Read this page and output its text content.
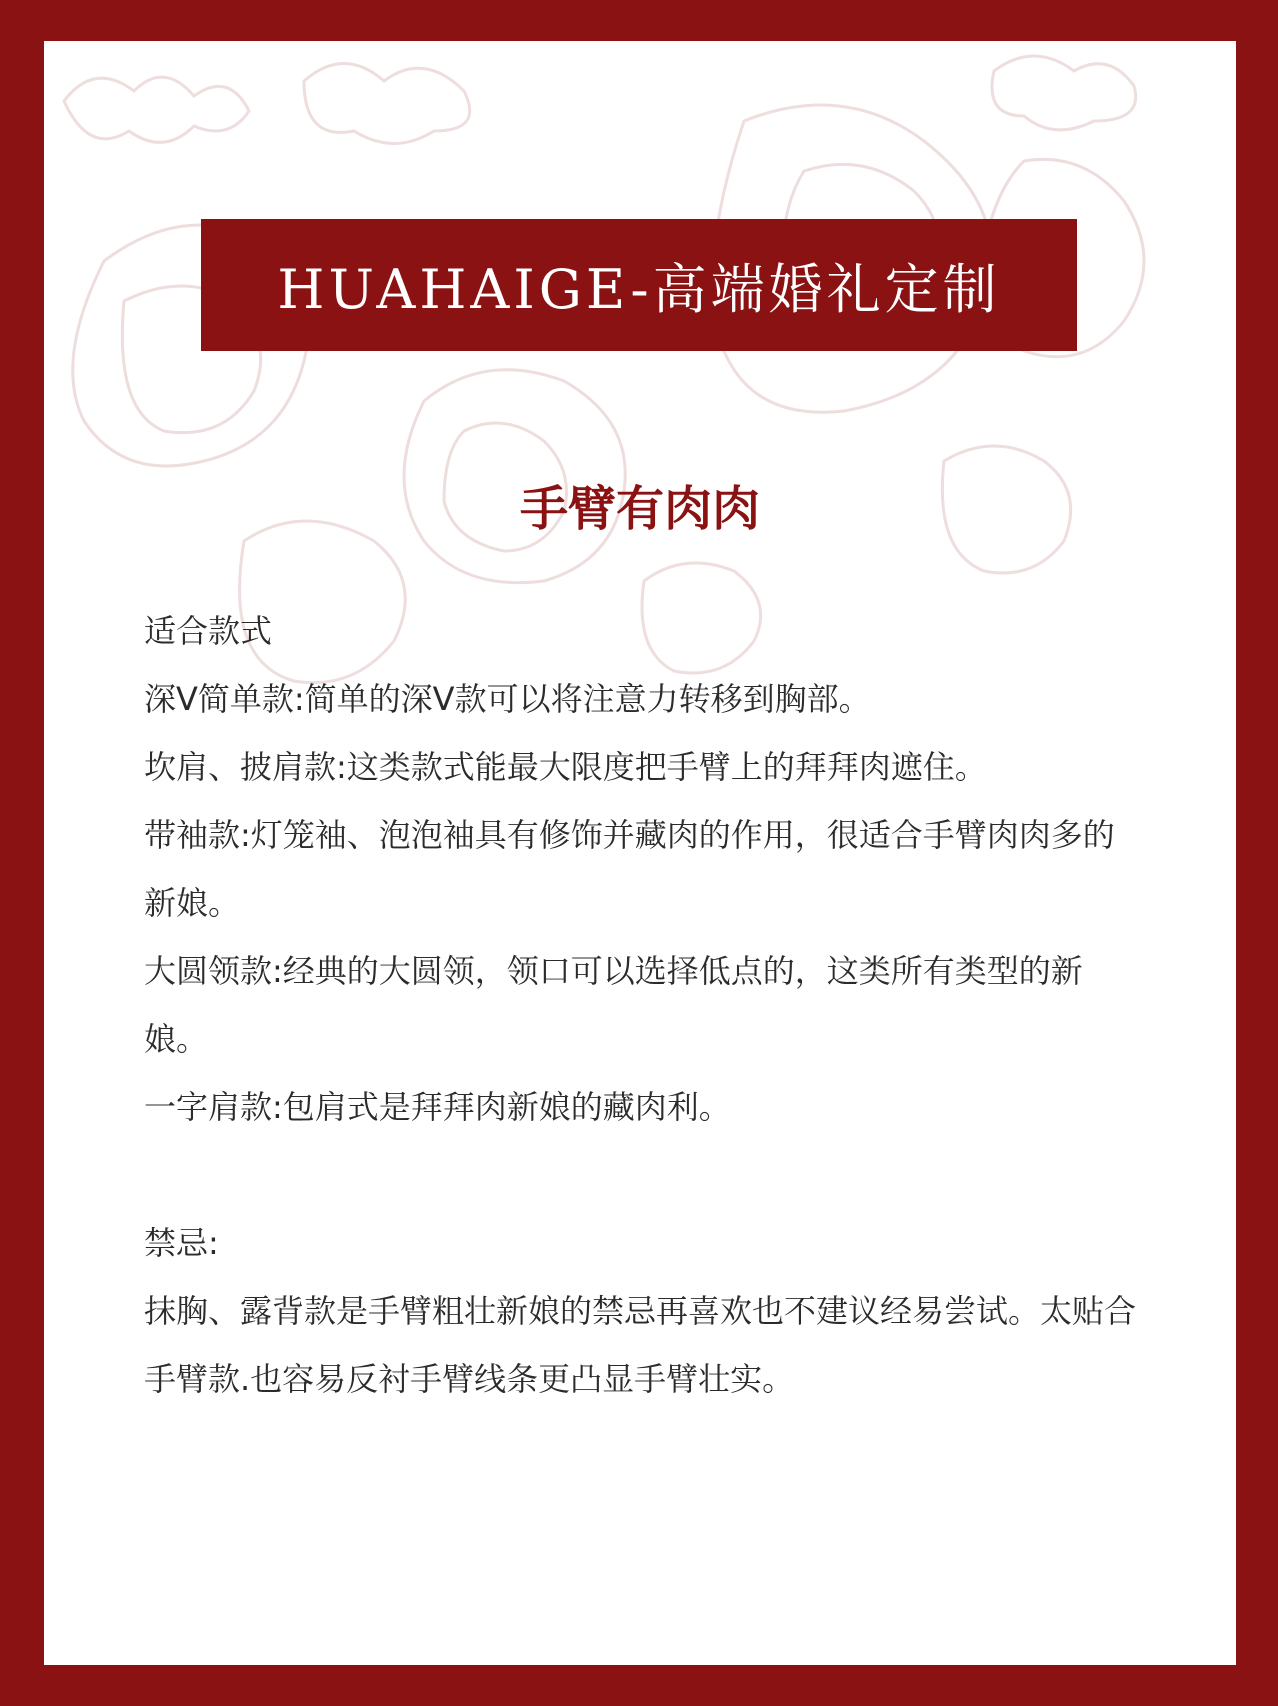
HUAHAIGE-高端婚礼定制
手臂有肉肉

适合款式

深V简单款:简单的深V款可以将注意力转移到胸部。

坎肩、披肩款:这类款式能最大限度把手臂上的拜拜肉遮住。

带袖款:灯笼袖、泡泡袖具有修饰并藏肉的作用，很适合手臂肉肉多的新娘。

大圆领款:经典的大圆领，领口可以选择低点的，这类所有类型的新娘。

一字肩款:包肩式是拜拜肉新娘的藏肉利。

禁忌:

抹胸、露背款是手臂粗壮新娘的禁忌再喜欢也不建议经易尝试。太贴合手臂款.也容易反衬手臂线条更凸显手臂壮实。
